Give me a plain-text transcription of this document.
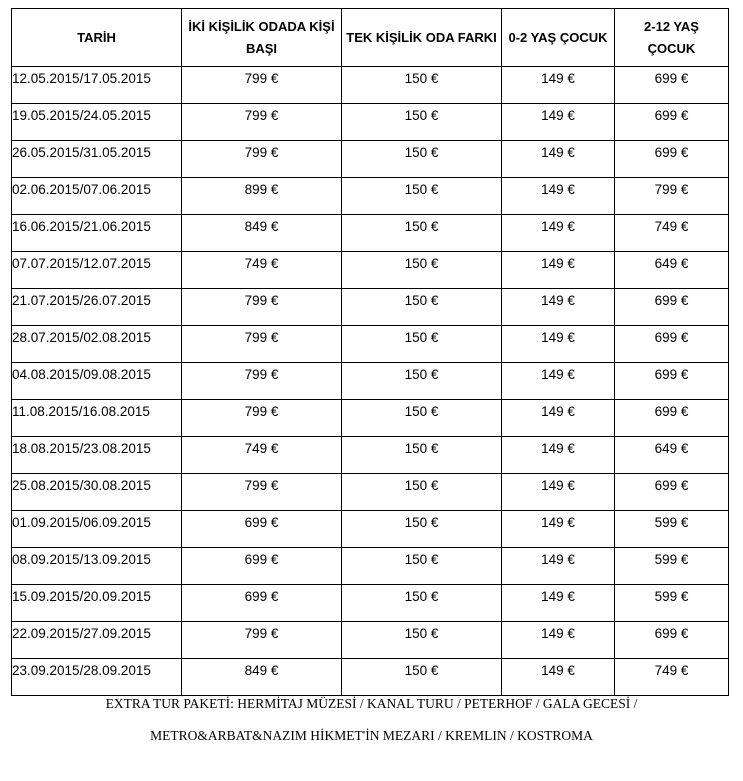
TARİH	İKİ KİŞİLİK ODADA KİŞİ BAŞI	TEK KİŞİLİK ODA FARKI	0-2 YAŞ ÇOCUK	2-12 YAŞ ÇOCUK
12.05.2015/17.05.2015	799 €	150 €	149 €	699 €
19.05.2015/24.05.2015	799 €	150 €	149 €	699 €
26.05.2015/31.05.2015	799 €	150 €	149 €	699 €
02.06.2015/07.06.2015	899 €	150 €	149 €	799 €
16.06.2015/21.06.2015	849 €	150 €	149 €	749 €
07.07.2015/12.07.2015	749 €	150 €	149 €	649 €
21.07.2015/26.07.2015	799 €	150 €	149 €	699 €
28.07.2015/02.08.2015	799 €	150 €	149 €	699 €
04.08.2015/09.08.2015	799 €	150 €	149 €	699 €
11.08.2015/16.08.2015	799 €	150 €	149 €	699 €
18.08.2015/23.08.2015	749 €	150 €	149 €	649 €
25.08.2015/30.08.2015	799 €	150 €	149 €	699 €
01.09.2015/06.09.2015	699 €	150 €	149 €	599 €
08.09.2015/13.09.2015	699 €	150 €	149 €	599 €
15.09.2015/20.09.2015	699 €	150 €	149 €	599 €
22.09.2015/27.09.2015	799 €	150 €	149 €	699 €
23.09.2015/28.09.2015	849 €	150 €	149 €	749 €
EXTRA TUR PAKETİ: HERMİTAJ MÜZESİ / KANAL TURU / PETERHOF / GALA GECESİ /
METRO&ARBAT&NAZIM HİKMET'İN MEZARI / KREMLIN / KOSTROMA
